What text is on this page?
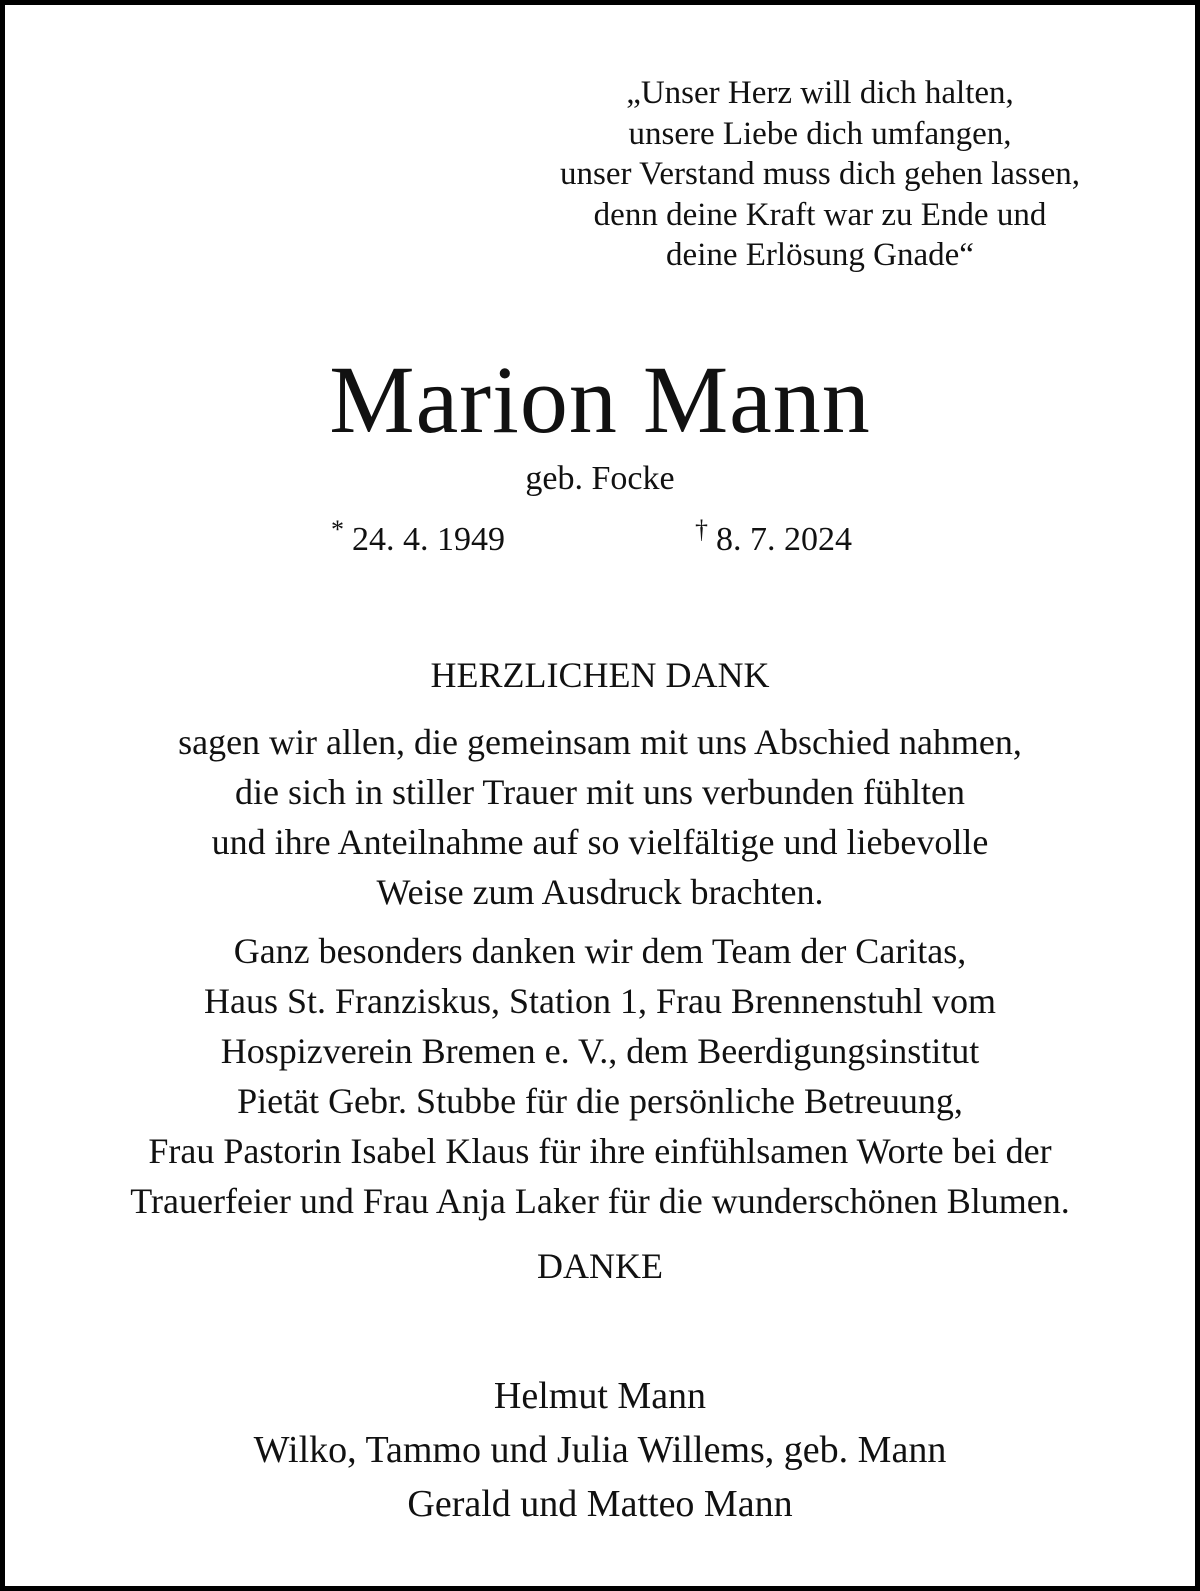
„Unser Herz will dich halten,
unsere Liebe dich umfangen,
unser Verstand muss dich gehen lassen,
denn deine Kraft war zu Ende und
deine Erlösung Gnade“
Marion Mann
geb. Focke
* 24. 4. 1949	† 8. 7. 2024
HERZLICHEN DANK
sagen wir allen, die gemeinsam mit uns Abschied nahmen,
die sich in stiller Trauer mit uns verbunden fühlten
und ihre Anteilnahme auf so vielfältige und liebevolle
Weise zum Ausdruck brachten.
Ganz besonders danken wir dem Team der Caritas,
Haus St. Franziskus, Station 1, Frau Brennenstuhl vom
Hospizverein Bremen e. V., dem Beerdigungsinstitut
Pietät Gebr. Stubbe für die persönliche Betreuung,
Frau Pastorin Isabel Klaus für ihre einfühlsamen Worte bei der
Trauerfeier und Frau Anja Laker für die wunderschönen Blumen.
DANKE
Helmut Mann
Wilko, Tammo und Julia Willems, geb. Mann
Gerald und Matteo Mann
